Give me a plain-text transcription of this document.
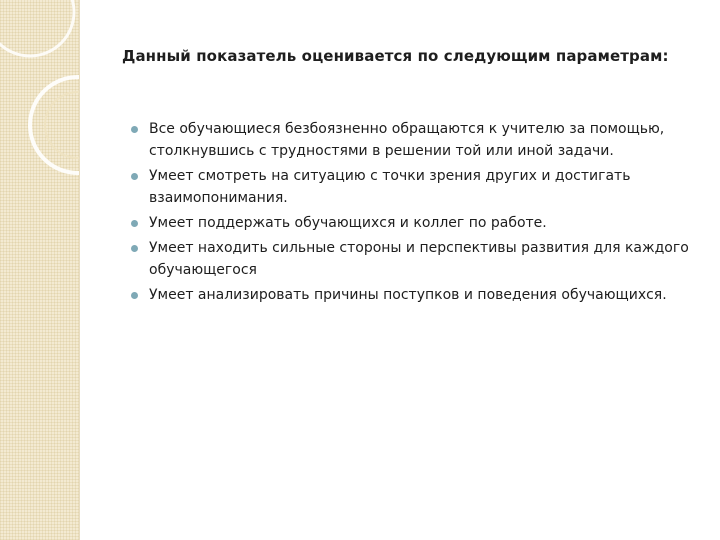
Данный показатель оценивается по следующим параметрам:
Все обучающиеся безбоязненно обращаются к учителю за помощью, столкнувшись с трудностями в решении той или иной задачи.
Умеет смотреть на ситуацию с точки зрения других и достигать взаимопонимания.
Умеет поддержать обучающихся и коллег по работе.
Умеет находить сильные стороны и перспективы развития для каждого обучающегося
Умеет анализировать причины поступков и поведения обучающихся.
